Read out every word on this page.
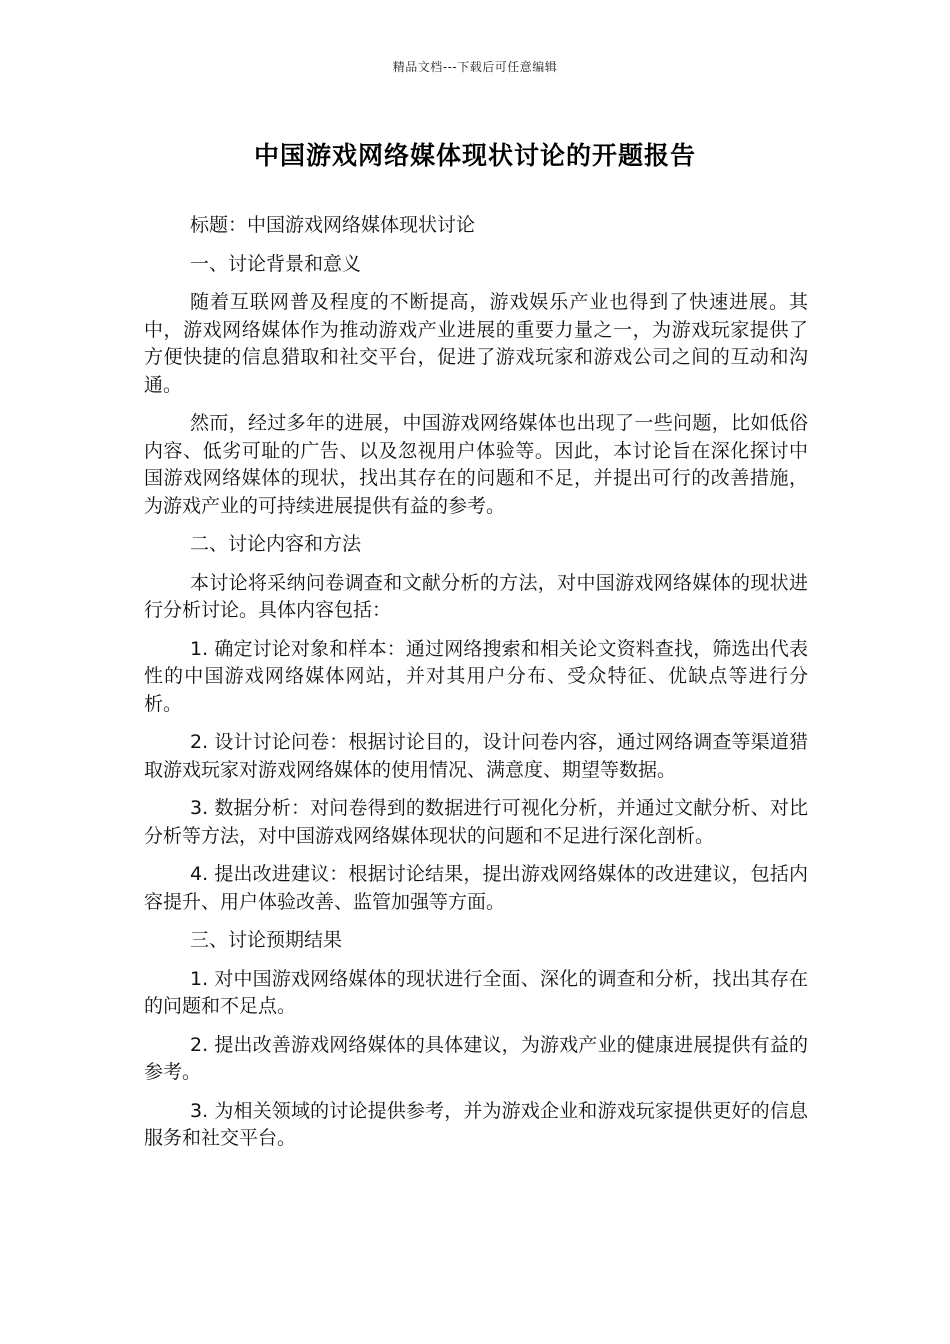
精品文档---下载后可任意编辑
中国游戏网络媒体现状讨论的开题报告

标题：中国游戏网络媒体现状讨论

一、讨论背景和意义

随着互联网普及程度的不断提高，游戏娱乐产业也得到了快速进展。其中，游戏网络媒体作为推动游戏产业进展的重要力量之一，为游戏玩家提供了方便快捷的信息猎取和社交平台，促进了游戏玩家和游戏公司之间的互动和沟通。

然而，经过多年的进展，中国游戏网络媒体也出现了一些问题，比如低俗内容、低劣可耻的广告、以及忽视用户体验等。因此，本讨论旨在深化探讨中国游戏网络媒体的现状，找出其存在的问题和不足，并提出可行的改善措施，为游戏产业的可持续进展提供有益的参考。

二、讨论内容和方法

本讨论将采纳问卷调查和文献分析的方法，对中国游戏网络媒体的现状进行分析讨论。具体内容包括：

1. 确定讨论对象和样本：通过网络搜索和相关论文资料查找，筛选出代表性的中国游戏网络媒体网站，并对其用户分布、受众特征、优缺点等进行分析。

2. 设计讨论问卷：根据讨论目的，设计问卷内容，通过网络调查等渠道猎取游戏玩家对游戏网络媒体的使用情况、满意度、期望等数据。

3. 数据分析：对问卷得到的数据进行可视化分析，并通过文献分析、对比分析等方法，对中国游戏网络媒体现状的问题和不足进行深化剖析。

4. 提出改进建议：根据讨论结果，提出游戏网络媒体的改进建议，包括内容提升、用户体验改善、监管加强等方面。

三、讨论预期结果

1. 对中国游戏网络媒体的现状进行全面、深化的调查和分析，找出其存在的问题和不足点。

2. 提出改善游戏网络媒体的具体建议，为游戏产业的健康进展提供有益的参考。

3. 为相关领域的讨论提供参考，并为游戏企业和游戏玩家提供更好的信息服务和社交平台。
